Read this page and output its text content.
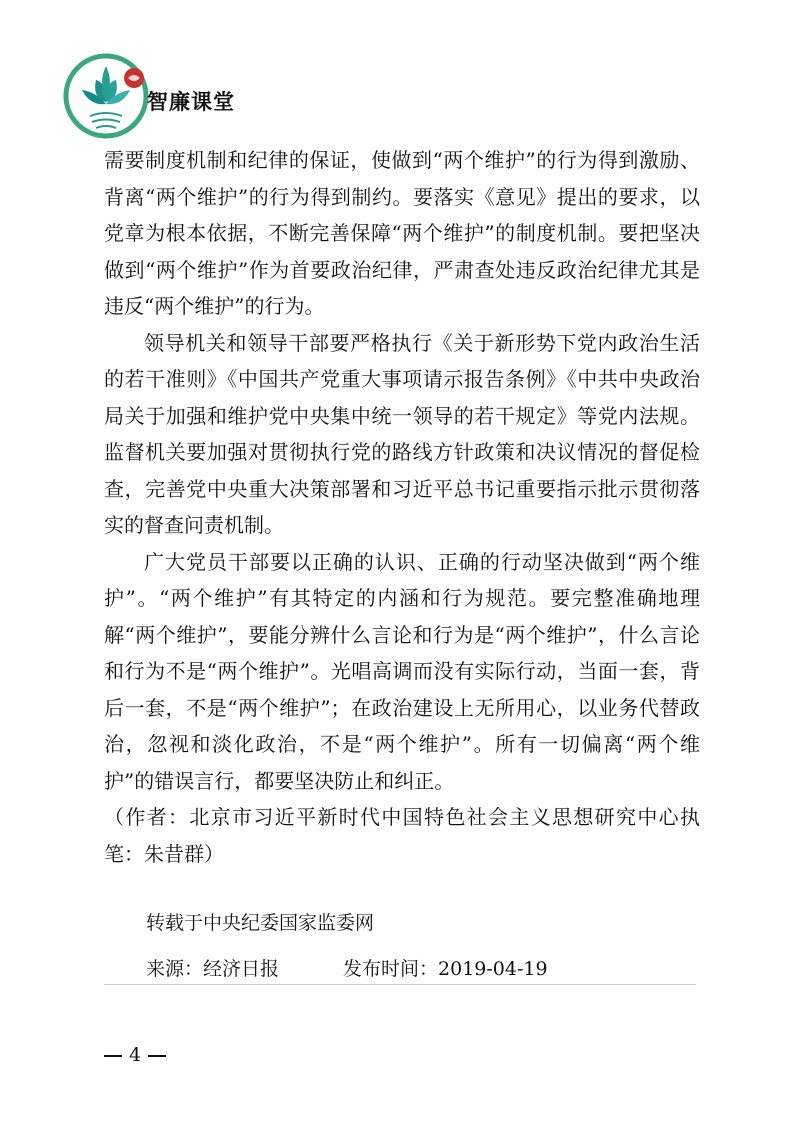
智廉课堂

需要制度机制和纪律的保证，使做到“两个维护”的行为得到激励、背离“两个维护”的行为得到制约。要落实《意见》提出的要求，以党章为根本依据，不断完善保障“两个维护”的制度机制。要把坚决做到“两个维护”作为首要政治纪律，严肃查处违反政治纪律尤其是违反“两个维护”的行为。

领导机关和领导干部要严格执行《关于新形势下党内政治生活的若干准则》《中国共产党重大事项请示报告条例》《中共中央政治局关于加强和维护党中央集中统一领导的若干规定》等党内法规。监督机关要加强对贯彻执行党的路线方针政策和决议情况的督促检查，完善党中央重大决策部署和习近平总书记重要指示批示贯彻落实的督查问责机制。

广大党员干部要以正确的认识、正确的行动坚决做到“两个维护”。“两个维护”有其特定的内涵和行为规范。要完整准确地理解“两个维护”，要能分辨什么言论和行为是“两个维护”，什么言论和行为不是“两个维护”。光唱高调而没有实际行动，当面一套，背后一套，不是“两个维护”；在政治建设上无所用心，以业务代替政治，忽视和淡化政治，不是“两个维护”。所有一切偏离“两个维护”的错误言行，都要坚决防止和纠正。

（作者：北京市习近平新时代中国特色社会主义思想研究中心执笔：朱昔群）

转载于中央纪委国家监委网
来源：经济日报	发布时间：2019-04-19
4
